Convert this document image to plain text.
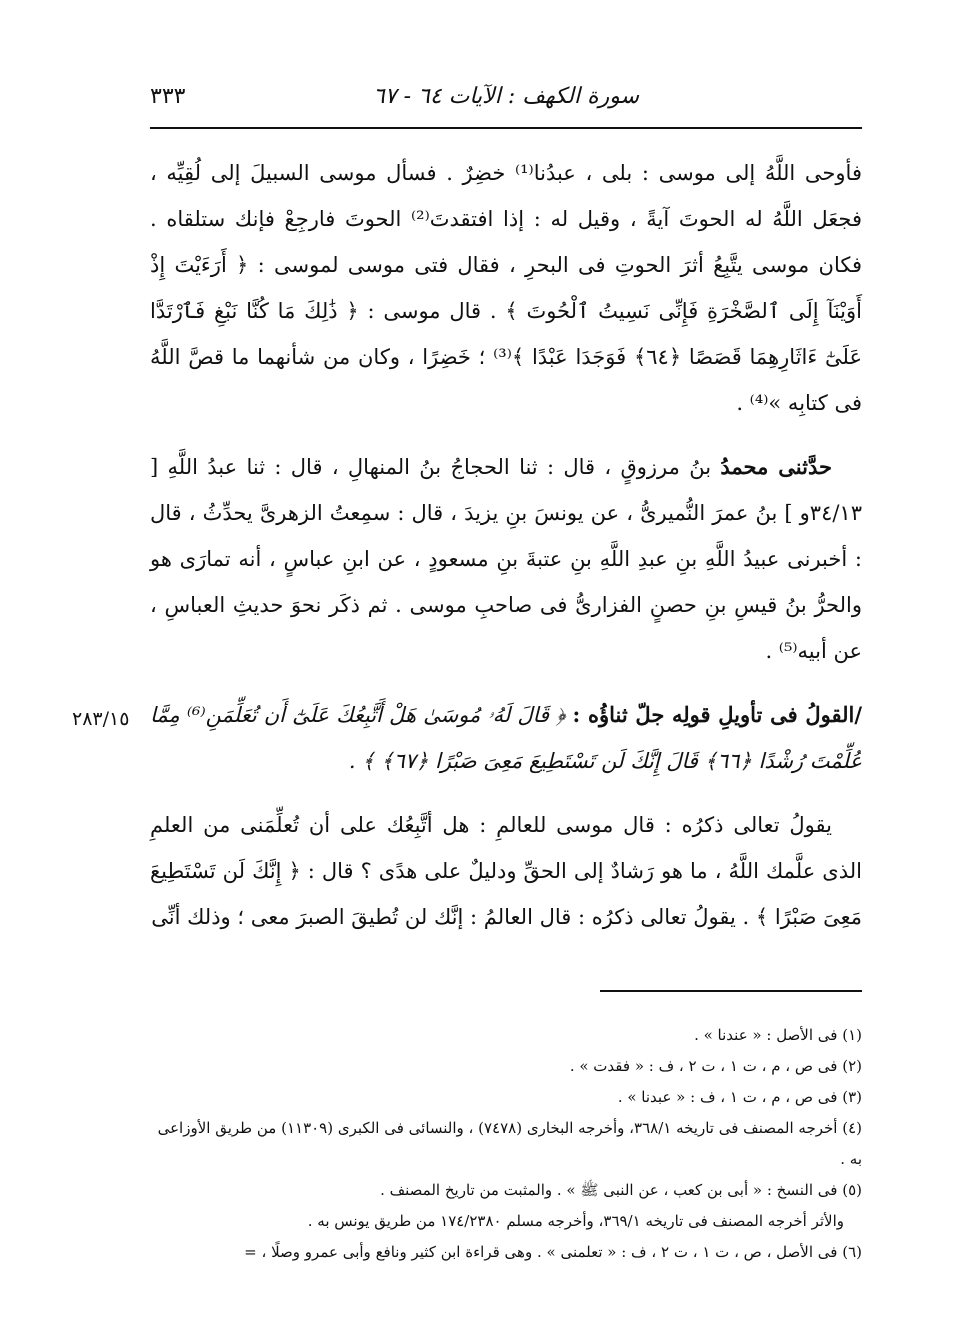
سورة الكهف : الآيات ٦٤ - ٦٧
٣٣٣

فأوحى اللَّهُ إلى موسى : بلى ، عبدُنا⁽¹⁾ خضِرٌ . فسأل موسى السبيلَ إلى لُقِيِّه ، فجعَل اللَّهُ له الحوتَ آيةً ، وقيل له : إذا افتقدتَ⁽²⁾ الحوتَ فارجِعْ فإنك ستلقاه . فكان موسى يتَّبِعُ أثرَ الحوتِ فى البحرِ ، فقال فتى موسى لموسى : ﴿ أَرَءَيْتَ إِذْ أَوَيْنَآ إِلَى ٱلصَّخْرَةِ فَإِنِّى نَسِيتُ ٱلْحُوتَ ﴾ . قال موسى : ﴿ ذَٰلِكَ مَا كُنَّا نَبْغِ فَٱرْتَدَّا عَلَىٰٓ ءَاثَارِهِمَا قَصَصًا ﴿٦٤﴾ فَوَجَدَا عَبْدًا ﴾⁽³⁾ ؛ خَضِرًا ، وكان من شأنهما ما قصَّ اللَّهُ فى كتابِه »⁽⁴⁾ .

حدَّثنى محمدُ بنُ مرزوقٍ ، قال : ثنا الحجاجُ بنُ المنهالِ ، قال : ثنا عبدُ اللَّهِ [ ٣٤/١٣و ] بنُ عمرَ النُّميرىُّ ، عن يونسَ بنِ يزيدَ ، قال : سمِعتُ الزهرىَّ يحدِّثُ ، قال : أخبرنى عبيدُ اللَّهِ بنِ عبدِ اللَّهِ بنِ عتبةَ بنِ مسعودٍ ، عن ابنِ عباسٍ ، أنه تمارَى هو والحرُّ بنُ قيسِ بنِ حصنٍ الفزارىُّ فى صاحبِ موسى . ثم ذكَر نحوَ حديثِ العباسِ ، عن أبيه⁽⁵⁾ .

/القولُ فى تأويلِ قولِه جلّ ثناؤُه : ﴿ قَالَ لَهُۥ مُوسَىٰ هَلْ أَتَّبِعُكَ عَلَىٰٓ أَن تُعَلِّمَنِ⁽⁶⁾ مِمَّا عُلِّمْتَ رُشْدًا ﴿٦٦﴾ قَالَ إِنَّكَ لَن تَسْتَطِيعَ مَعِىَ صَبْرًا ﴿٦٧﴾ ﴾ .

يقولُ تعالى ذكرُه : قال موسى للعالمِ : هل أتَّبِعُك على أن تُعلِّمَنى من العلمِ الذى علَّمك اللَّهُ ، ما هو رَشادٌ إلى الحقِّ ودليلٌ على هدًى ؟ قال : ﴿ إِنَّكَ لَن تَسْتَطِيعَ مَعِىَ صَبْرًا ﴾ . يقولُ تعالى ذكرُه : قال العالمُ : إنَّك لن تُطيقَ الصبرَ معى ؛ وذلك أنِّى

٢٨٣/١٥

(١) فى الأصل : « عندنا » .

(٢) فى ص ، م ، ت ١ ، ت ٢ ، ف : « فقدت » .

(٣) فى ص ، م ، ت ١ ، ف : « عبدنا » .

(٤) أخرجه المصنف فى تاريخه ٣٦٨/١، وأخرجه البخارى (٧٤٧٨) ، والنسائى فى الكبرى (١١٣٠٩) من طريق الأوزاعى به .

(٥) فى النسخ : « أبى بن كعب ، عن النبى ﷺ » . والمثبت من تاريخ المصنف .

والأثر أخرجه المصنف فى تاريخه ٣٦٩/١، وأخرجه مسلم ١٧٤/٢٣٨٠ من طريق يونس به .

(٦) فى الأصل ، ص ، ت ١ ، ت ٢ ، ف : « تعلمنى » . وهى قراءة ابن كثير ونافع وأبى عمرو وصلًا ، =
